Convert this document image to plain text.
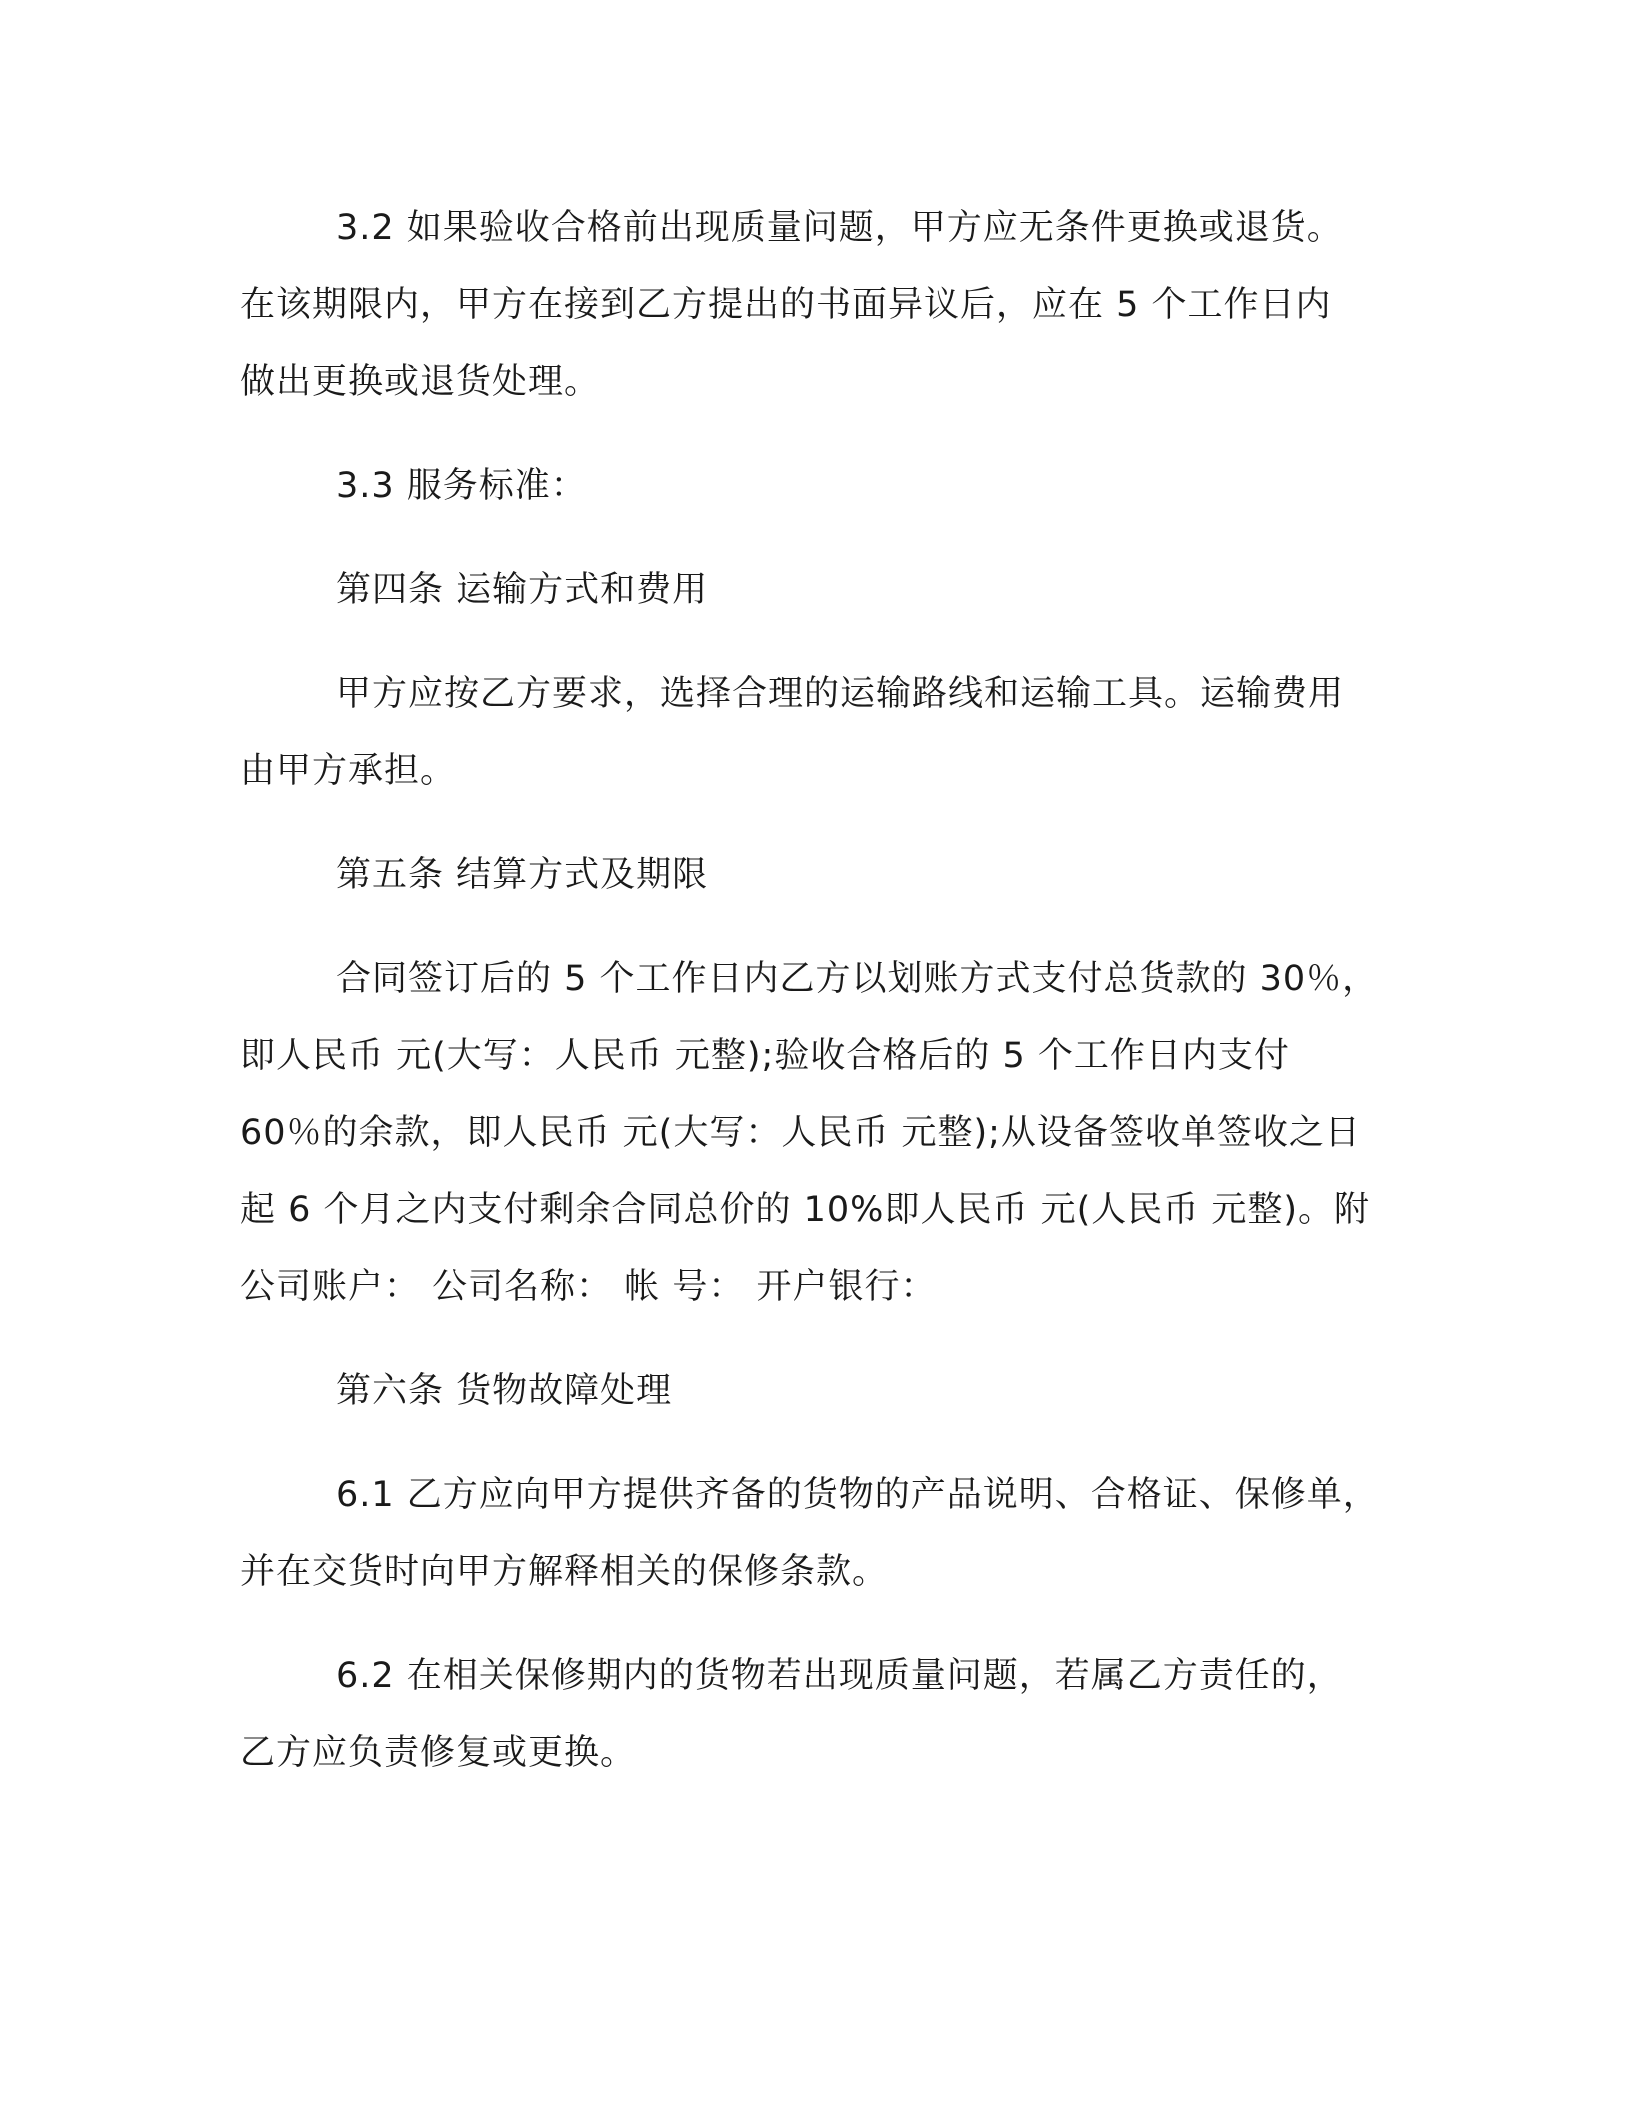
3.2 如果验收合格前出现质量问题，甲方应无条件更换或退货。
在该期限内，甲方在接到乙方提出的书面异议后，应在 5 个工作日内
做出更换或退货处理。

3.3 服务标准：

第四条 运输方式和费用

甲方应按乙方要求，选择合理的运输路线和运输工具。运输费用
由甲方承担。

第五条 结算方式及期限

合同签订后的 5 个工作日内乙方以划账方式支付总货款的 30％，
即人民币 元(大写：人民币 元整);验收合格后的 5 个工作日内支付
60％的余款，即人民币 元(大写：人民币 元整);从设备签收单签收之日
起 6 个月之内支付剩余合同总价的 10%即人民币 元(人民币 元整)。附
公司账户： 公司名称： 帐 号： 开户银行：

第六条 货物故障处理

6.1 乙方应向甲方提供齐备的货物的产品说明、合格证、保修单，
并在交货时向甲方解释相关的保修条款。

6.2 在相关保修期内的货物若出现质量问题，若属乙方责任的，
乙方应负责修复或更换。
